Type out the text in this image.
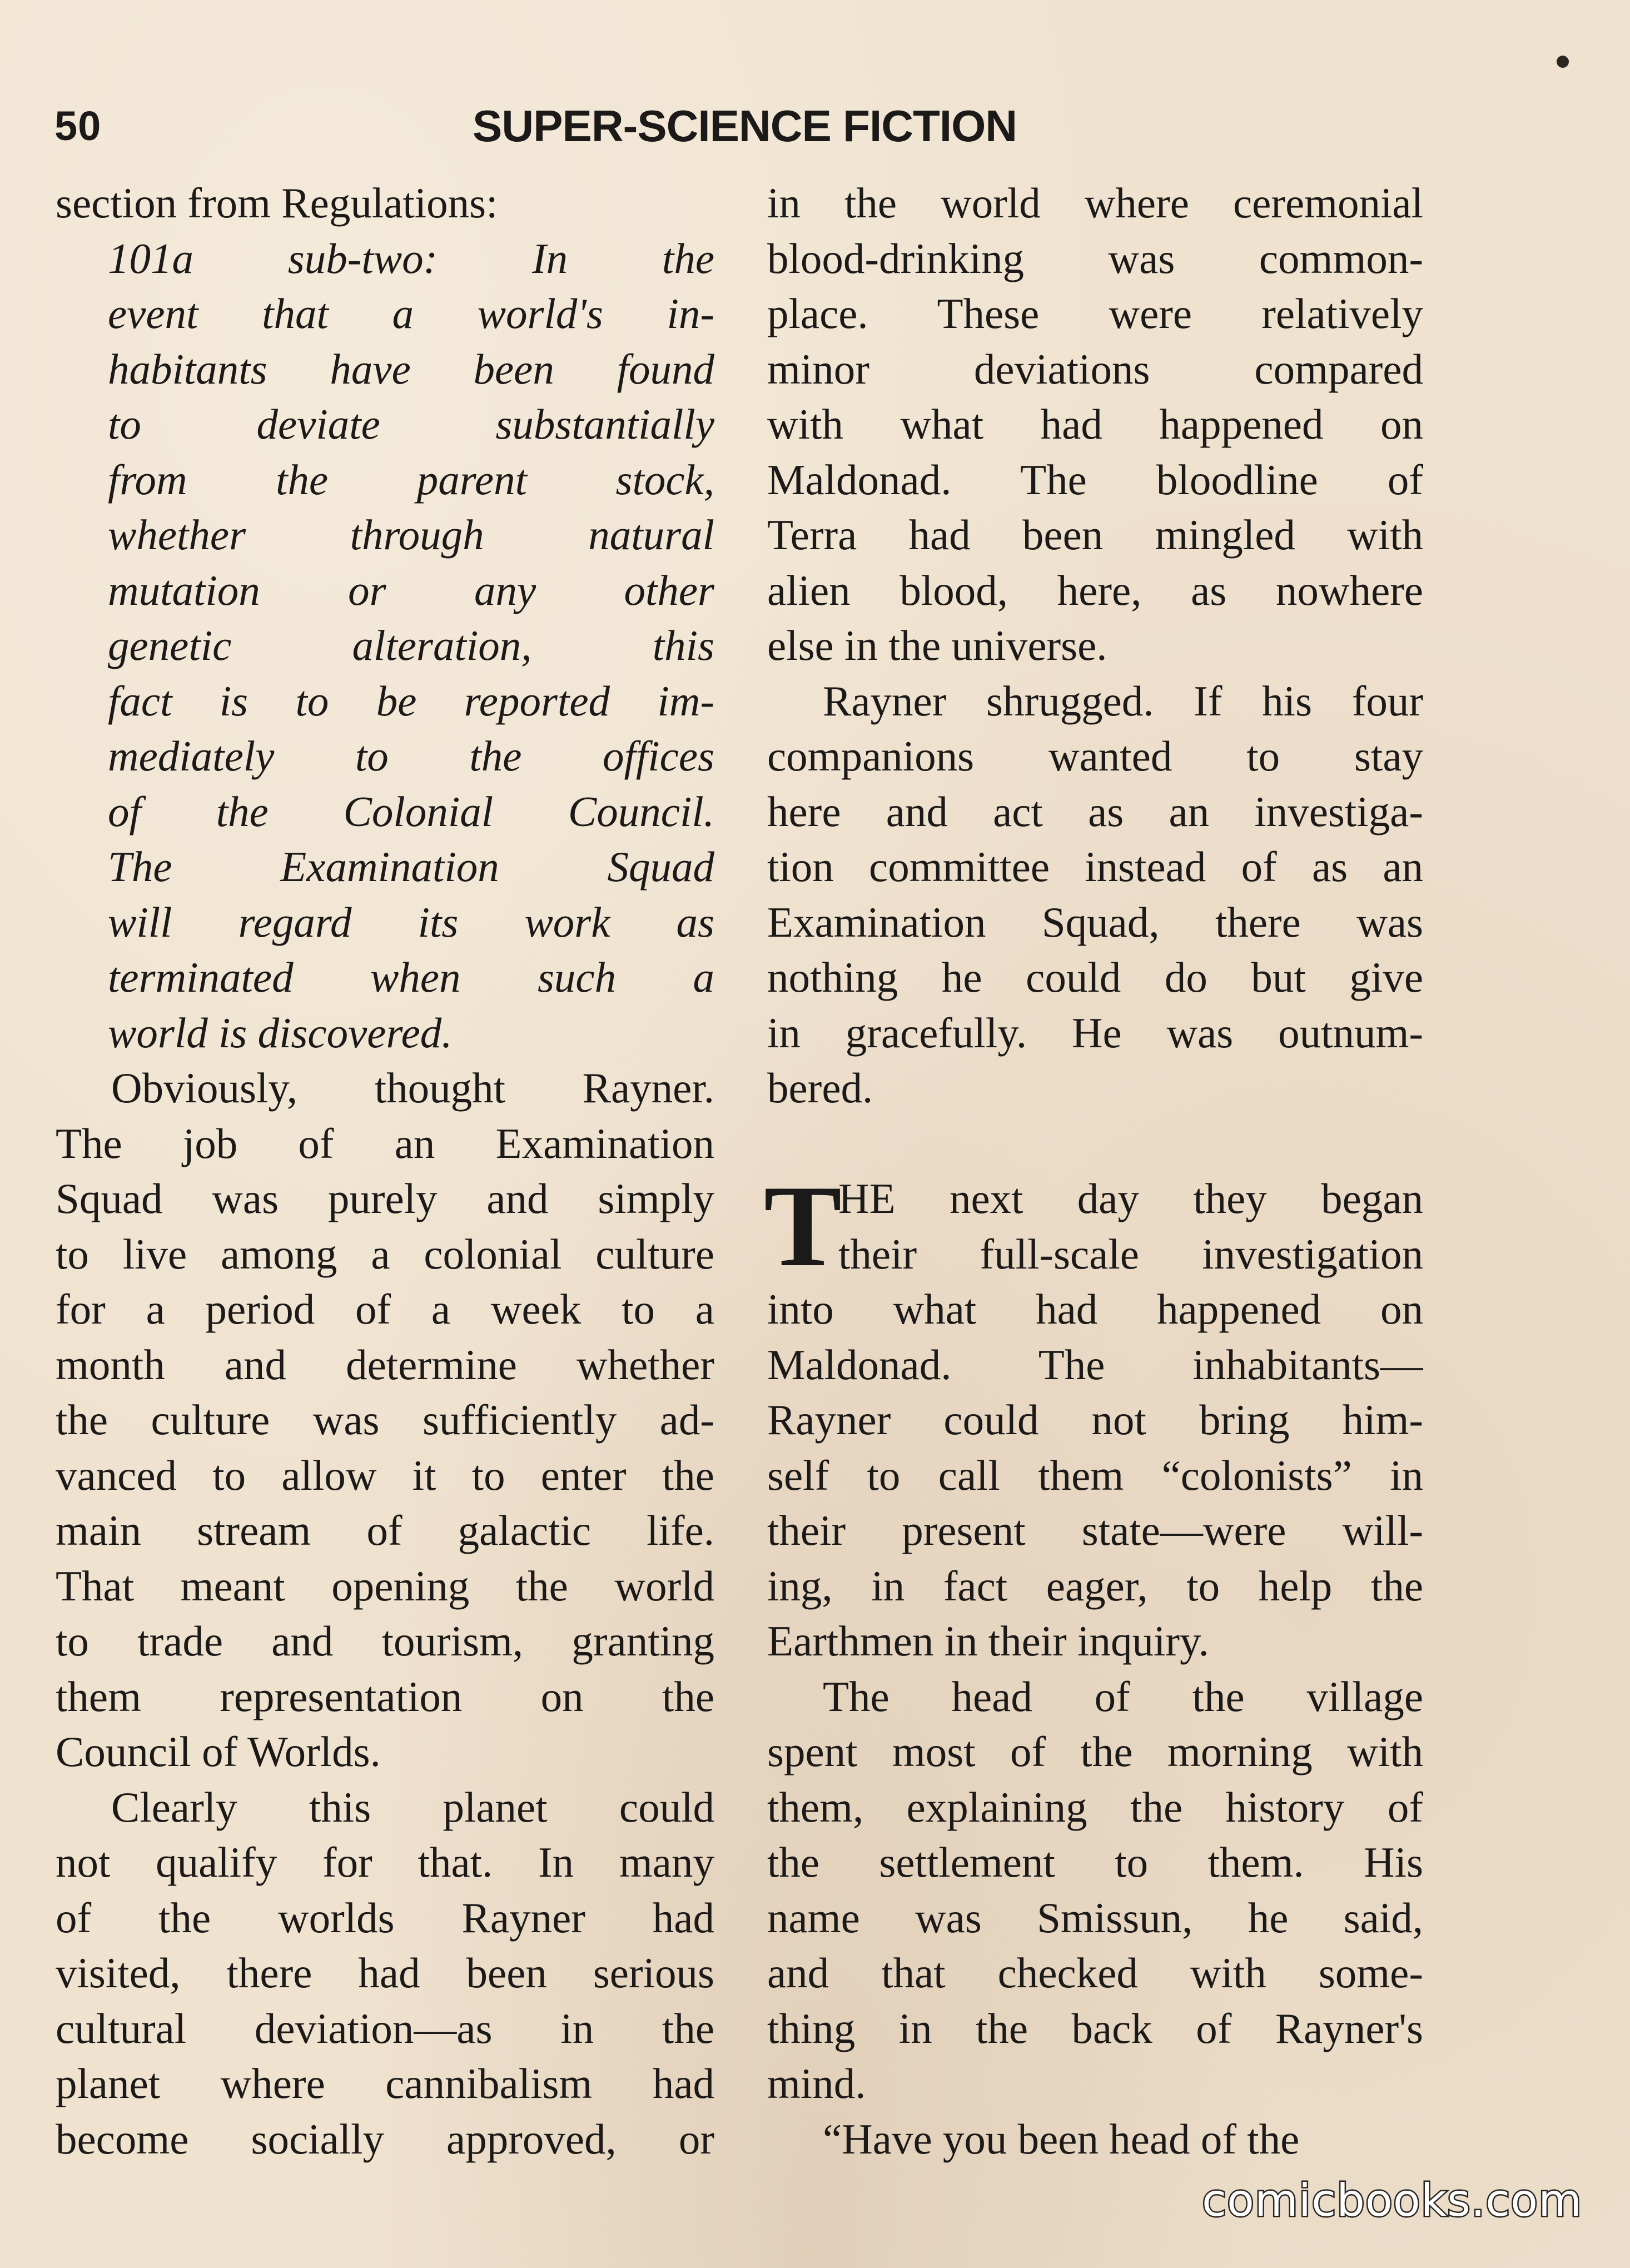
50	SUPER-SCIENCE FICTION
section from Regulations:
101a sub-two: In the
event that a world's in-
habitants have been found
to deviate substantially
from the parent stock,
whether through natural
mutation or any other
genetic alteration, this
fact is to be reported im-
mediately to the offices
of the Colonial Council.
The Examination Squad
will regard its work as
terminated when such a
world is discovered.
Obviously, thought Rayner.
The job of an Examination
Squad was purely and simply
to live among a colonial culture
for a period of a week to a
month and determine whether
the culture was sufficiently ad-
vanced to allow it to enter the
main stream of galactic life.
That meant opening the world
to trade and tourism, granting
them representation on the
Council of Worlds.
Clearly this planet could
not qualify for that. In many
of the worlds Rayner had
visited, there had been serious
cultural deviation—as in the
planet where cannibalism had
become socially approved, or
in the world where ceremonial
blood-drinking was common-
place. These were relatively
minor deviations compared
with what had happened on
Maldonad. The bloodline of
Terra had been mingled with
alien blood, here, as nowhere
else in the universe.
Rayner shrugged. If his four
companions wanted to stay
here and act as an investiga-
tion committee instead of as an
Examination Squad, there was
nothing he could do but give
in gracefully. He was outnum-
bered.
T
HE next day they began
their full-scale investigation
into what had happened on
Maldonad. The inhabitants—
Rayner could not bring him-
self to call them “colonists” in
their present state—were will-
ing, in fact eager, to help the
Earthmen in their inquiry.
The head of the village
spent most of the morning with
them, explaining the history of
the settlement to them. His
name was Smissun, he said,
and that checked with some-
thing in the back of Rayner's
mind.
“Have you been head of the
comicbooks.com
